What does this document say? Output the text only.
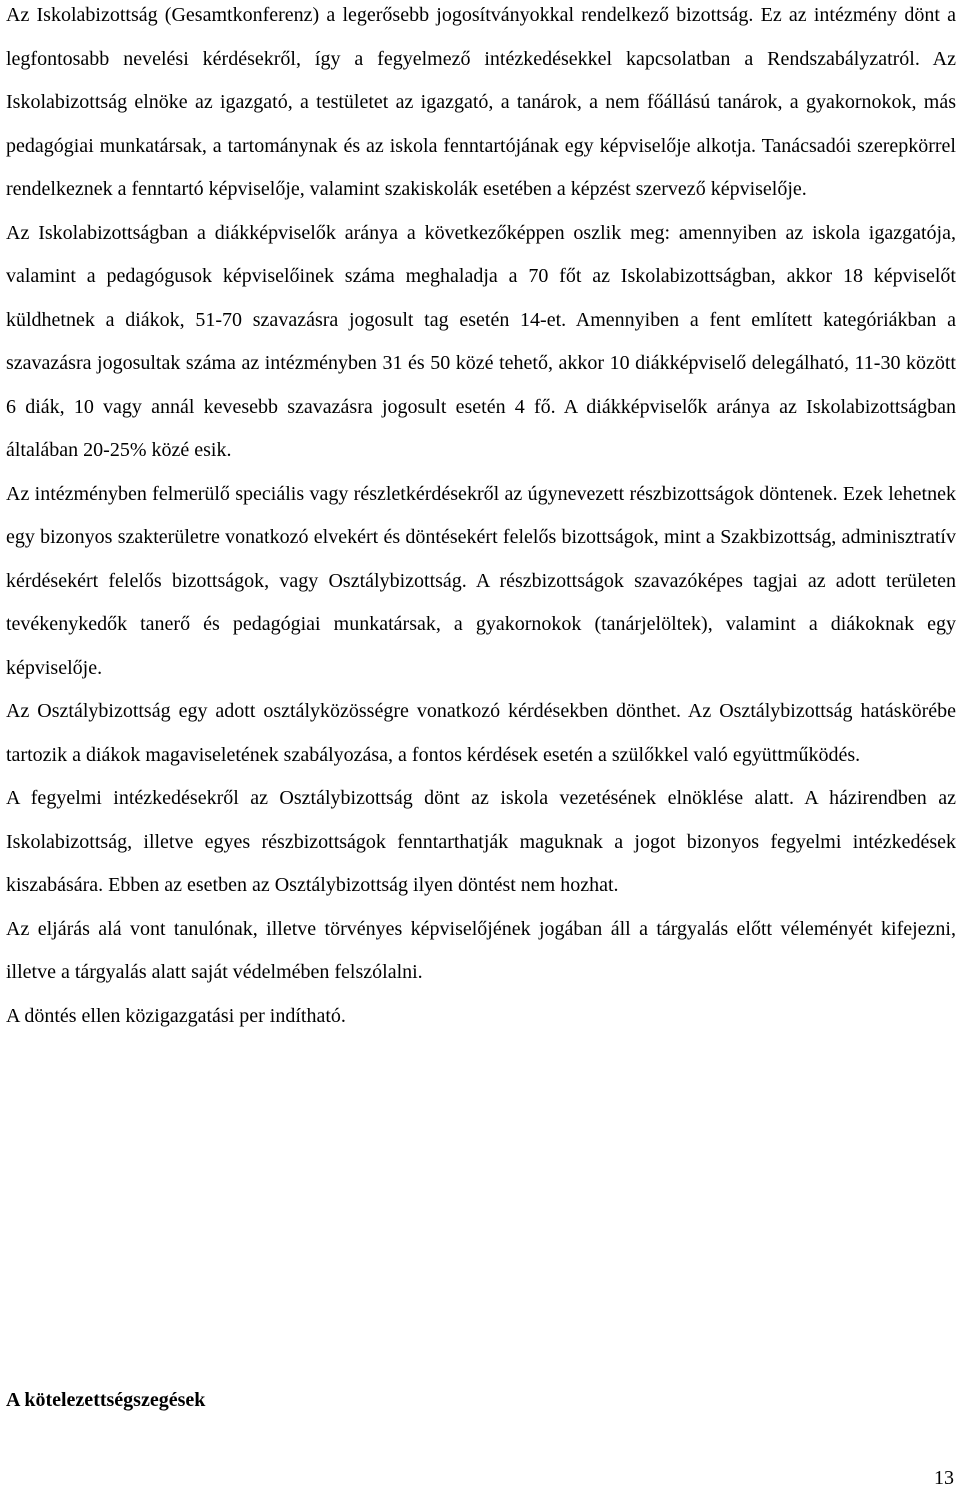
Az Iskolabizottság (Gesamtkonferenz) a legerősebb jogosítványokkal rendelkező bizottság. Ez az intézmény dönt a legfontosabb nevelési kérdésekről, így a fegyelmező intézkedésekkel kapcsolatban a Rendszabályzatról. Az Iskolabizottság elnöke az igazgató, a testületet az igazgató, a tanárok, a nem főállású tanárok, a gyakornokok, más pedagógiai munkatársak, a tartománynak és az iskola fenntartójának egy képviselője alkotja. Tanácsadói szerepkörrel rendelkeznek a fenntartó képviselője, valamint szakiskolák esetében a képzést szervező képviselője.

Az Iskolabizottságban a diákképviselők aránya a következőképpen oszlik meg: amennyiben az iskola igazgatója, valamint a pedagógusok képviselőinek száma meghaladja a 70 főt az Iskolabizottságban, akkor 18 képviselőt küldhetnek a diákok, 51-70 szavazásra jogosult tag esetén 14-et. Amennyiben a fent említett kategóriákban a szavazásra jogosultak száma az intézményben 31 és 50 közé tehető, akkor 10 diákképviselő delegálható, 11-30 között 6 diák, 10 vagy annál kevesebb szavazásra jogosult esetén 4 fő. A diákképviselők aránya az Iskolabizottságban általában 20-25% közé esik.

Az intézményben felmerülő speciális vagy részletkérdésekről az úgynevezett részbizottságok döntenek. Ezek lehetnek egy bizonyos szakterületre vonatkozó elvekért és döntésekért felelős bizottságok, mint a Szakbizottság, adminisztratív kérdésekért felelős bizottságok, vagy Osztálybizottság. A részbizottságok szavazóképes tagjai az adott területen tevékenykedők tanerő és pedagógiai munkatársak, a gyakornokok (tanárjelöltek), valamint a diákoknak egy képviselője.

Az Osztálybizottság egy adott osztályközösségre vonatkozó kérdésekben dönthet. Az Osztálybizottság hatáskörébe tartozik a diákok magaviseletének szabályozása, a fontos kérdések esetén a szülőkkel való együttműködés.

A fegyelmi intézkedésekről az Osztálybizottság dönt az iskola vezetésének elnöklése alatt. A házirendben az Iskolabizottság, illetve egyes részbizottságok fenntarthatják maguknak a jogot bizonyos fegyelmi intézkedések kiszabására. Ebben az esetben az Osztálybizottság ilyen döntést nem hozhat.

Az eljárás alá vont tanulónak, illetve törvényes képviselőjének jogában áll a tárgyalás előtt véleményét kifejezni, illetve a tárgyalás alatt saját védelmében felszólalni.

A döntés ellen közigazgatási per indítható.

A kötelezettségszegések
13
